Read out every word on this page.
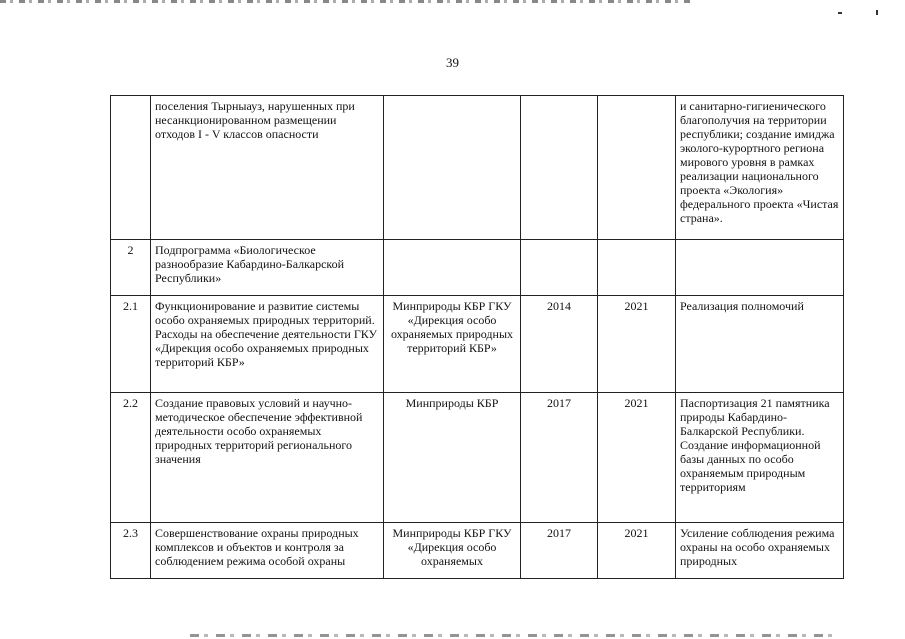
39
	поселения Тырныауз, нарушенных при несанкционированном размещении отходов I - V классов опасности				и санитарно-гигиенического благополучия на территории республики; создание имиджа эколого-курортного региона мирового уровня в рамках реализации национального проекта «Экология» федерального проекта «Чистая страна».
2	Подпрограмма «Биологическое разнообразие Кабардино-Балкарской Республики»				
2.1	Функционирование и развитие системы особо охраняемых природных территорий. Расходы на обеспечение деятельности ГКУ «Дирекция особо охраняемых природных территорий КБР»	Минприроды КБР ГКУ «Дирекция особо охраняемых природных территорий КБР»	2014	2021	Реализация полномочий
2.2	Создание правовых условий и научно-методическое обеспечение эффективной деятельности особо охраняемых природных территорий регионального значения	Минприроды КБР	2017	2021	Паспортизация 21 памятника природы Кабардино-Балкарской Республики. Создание информационной базы данных по особо охраняемым природным территориям
2.3	Совершенствование охраны природных комплексов и объектов и контроля за соблюдением режима особой охраны	Минприроды КБР ГКУ «Дирекция особо охраняемых	2017	2021	Усиление соблюдения режима охраны на особо охраняемых природных
